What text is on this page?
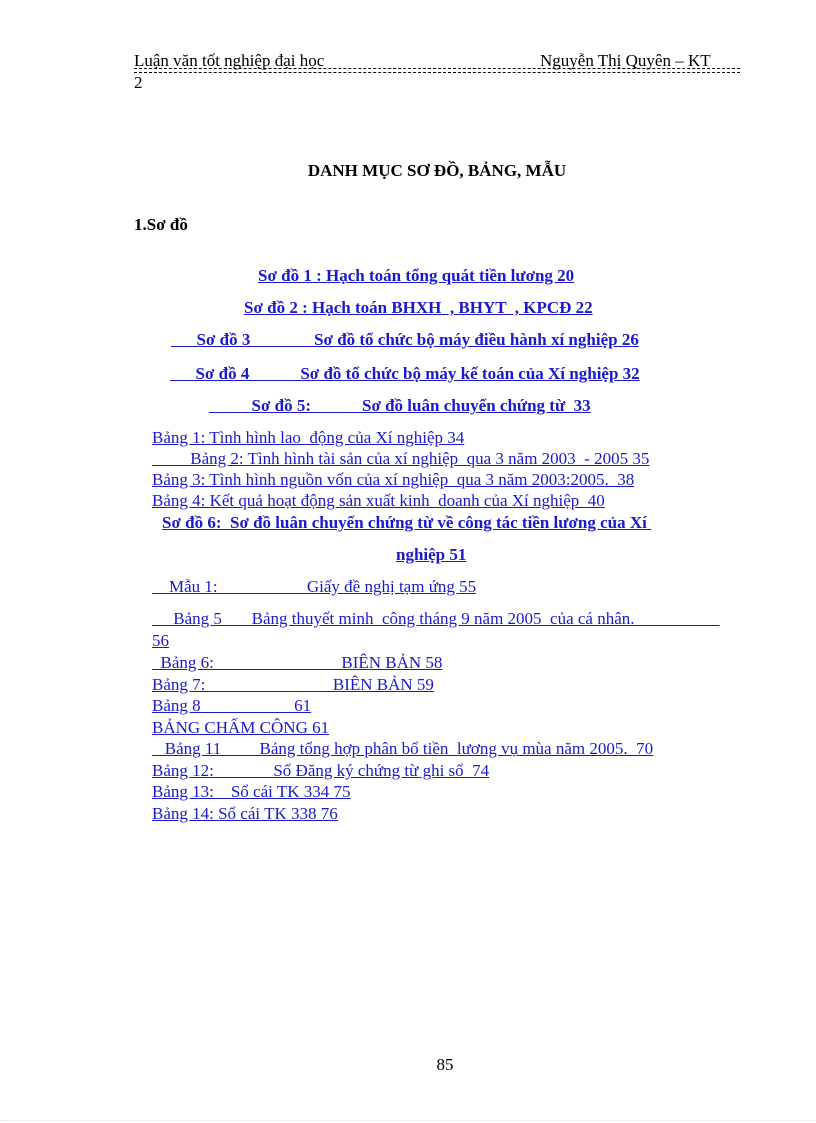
Luận văn tốt nghiệp đại học	Nguyễn Thị Quyên – KT
2
DANH MỤC SƠ ĐỒ, BẢNG, MẪU
1.Sơ đồ
Sơ đồ 1 : Hạch toán tổng quát tiền lương 20
Sơ đồ 2 : Hạch toán BHXH  , BHYT  , KPCĐ 22
Sơ đồ 3               Sơ đồ tổ chức bộ máy điều hành xí nghiệp 26
Sơ đồ 4            Sơ đồ tổ chức bộ máy kế toán của Xí nghiệp 32
Sơ đồ 5:            Sơ đồ luân chuyển chứng từ  33
Bảng 1: Tình hình lao  động của Xí nghiệp 34
Bảng 2: Tình hình tài sản của xí nghiệp  qua 3 năm 2003  - 2005 35
Bảng 3: Tình hình nguồn vốn của xí nghiệp  qua 3 năm 2003:2005.  38
Bảng 4: Kết quả hoạt động sản xuất kinh  doanh của Xí nghiệp  40
Sơ đồ 6:  Sơ đồ luân chuyển chứng từ về công tác tiền lương của Xí
nghiệp 51
Mẫu 1:                     Giấy đề nghị tạm ứng 55
Bảng 5       Bảng thuyết minh  công tháng 9 năm 2005  của cá nhân.
56
Bảng 6:                              BIÊN BẢN 58
Bảng 7:                              BIÊN BẢN 59
Bảng 8                      61
BẢNG CHẤM CÔNG 61
Bảng 11         Bảng tổng hợp phân bổ tiền  lương vụ mùa năm 2005.  70
Bảng 12:              Sổ Đăng ký chứng từ ghi sổ  74
Bảng 13:    Sổ cái TK 334 75
Bảng 14: Sổ cái TK 338 76
85
